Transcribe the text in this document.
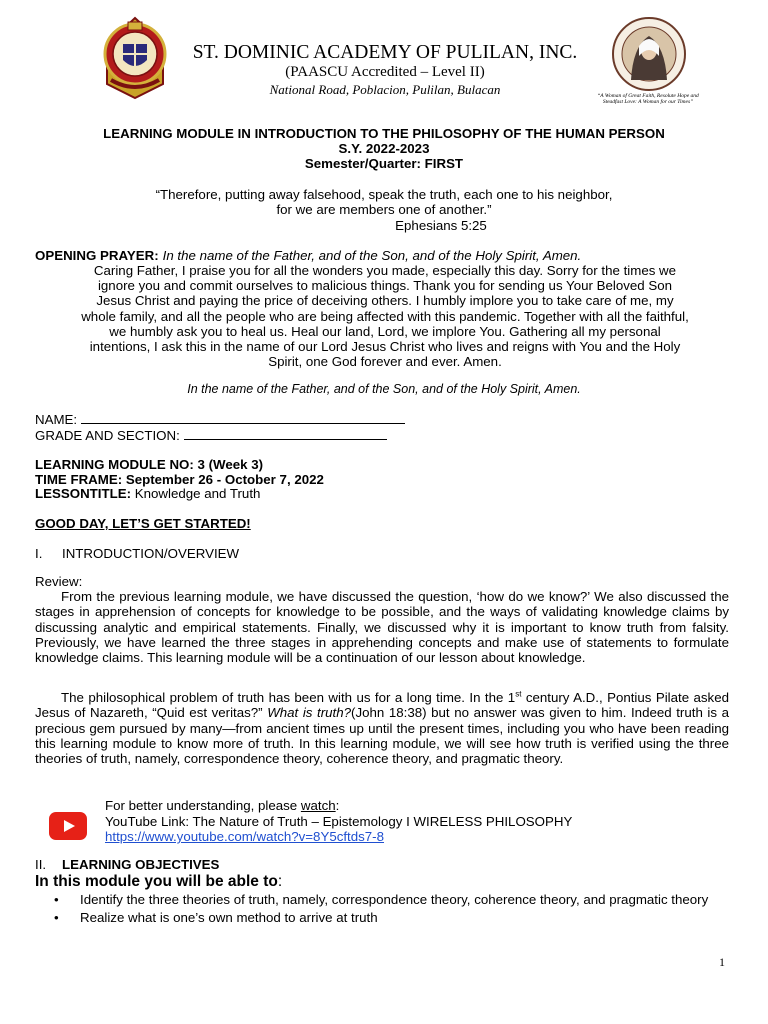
ST. DOMINIC ACADEMY OF PULILAN, INC.
(PAASCU Accredited – Level II)
National Road, Poblacion, Pulilan, Bulacan	“A Woman of Great Faith, Resolute Hope and Steadfast Love: A Woman for our Times”
LEARNING MODULE IN INTRODUCTION TO THE PHILOSOPHY OF THE HUMAN PERSON
S.Y. 2022-2023
Semester/Quarter: FIRST
“Therefore, putting away falsehood, speak the truth, each one to his neighbor,
for we are members one of another.”
Ephesians 5:25
OPENING PRAYER: In the name of the Father, and of the Son, and of the Holy Spirit, Amen.
Caring Father, I praise you for all the wonders you made, especially this day. Sorry for the times we
ignore you and commit ourselves to malicious things. Thank you for sending us Your Beloved Son
Jesus Christ and paying the price of deceiving others. I humbly implore you to take care of me, my
whole family, and all the people who are being affected with this pandemic. Together with all the faithful,
we humbly ask you to heal us. Heal our land, Lord, we implore You. Gathering all my personal
intentions, I ask this in the name of our Lord Jesus Christ who lives and reigns with You and the Holy
Spirit, one God forever and ever. Amen.
In the name of the Father, and of the Son, and of the Holy Spirit, Amen.
NAME:
GRADE AND SECTION:
LEARNING MODULE NO: 3 (Week 3)
TIME FRAME: September 26 - October 7, 2022
LESSONTITLE: Knowledge and Truth
GOOD DAY, LET’S GET STARTED!
I. INTRODUCTION/OVERVIEW
Review:
From the previous learning module, we have discussed the question, ‘how do we know?’ We also discussed the stages in apprehension of concepts for knowledge to be possible, and the ways of validating knowledge claims by discussing analytic and empirical statements. Finally, we discussed why it is important to know truth from falsity. Previously, we have learned the three stages in apprehending concepts and make use of statements to formulate knowledge claims. This learning module will be a continuation of our lesson about knowledge.
The philosophical problem of truth has been with us for a long time. In the 1st century A.D., Pontius Pilate asked Jesus of Nazareth, “Quid est veritas?” What is truth?(John 18:38) but no answer was given to him. Indeed truth is a precious gem pursued by many—from ancient times up until the present times, including you who have been reading this learning module to know more of truth. In this learning module, we will see how truth is verified using the three theories of truth, namely, correspondence theory, coherence theory, and pragmatic theory.
For better understanding, please watch:
YouTube Link: The Nature of Truth – Epistemology I WIRELESS PHILOSOPHY
https://www.youtube.com/watch?v=8Y5cftds7-8
II. LEARNING OBJECTIVES
In this module you will be able to:
• Identify the three theories of truth, namely, correspondence theory, coherence theory, and pragmatic theory
• Realize what is one’s own method to arrive at truth
1
